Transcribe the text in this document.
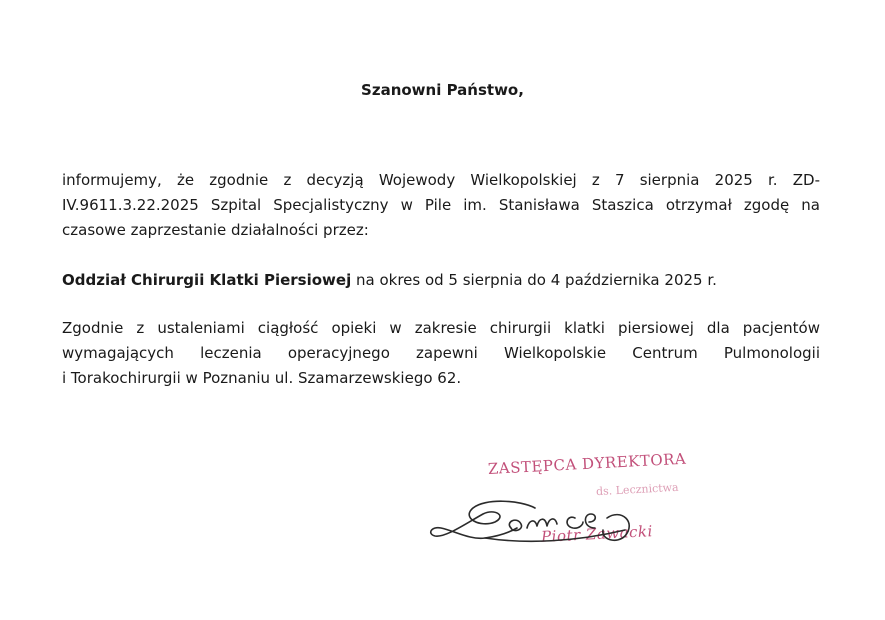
Szanowni Państwo,
informujemy, że zgodnie z decyzją Wojewody Wielkopolskiej z 7 sierpnia 2025 r. ZD-
IV.9611.3.22.2025 Szpital Specjalistyczny w Pile im. Stanisława Staszica otrzymał zgodę na
czasowe zaprzestanie działalności przez:
Oddział Chirurgii Klatki Piersiowej na okres od 5 sierpnia do 4 października 2025 r.
Zgodnie z ustaleniami ciągłość opieki w zakresie chirurgii klatki piersiowej dla pacjentów
wymagających leczenia operacyjnego zapewni Wielkopolskie Centrum Pulmonologii
i Torakochirurgii w Poznaniu ul. Szamarzewskiego 62.
ZASTĘPCA DYREKTORA
ds. Lecznictwa
Piotr Zawacki
